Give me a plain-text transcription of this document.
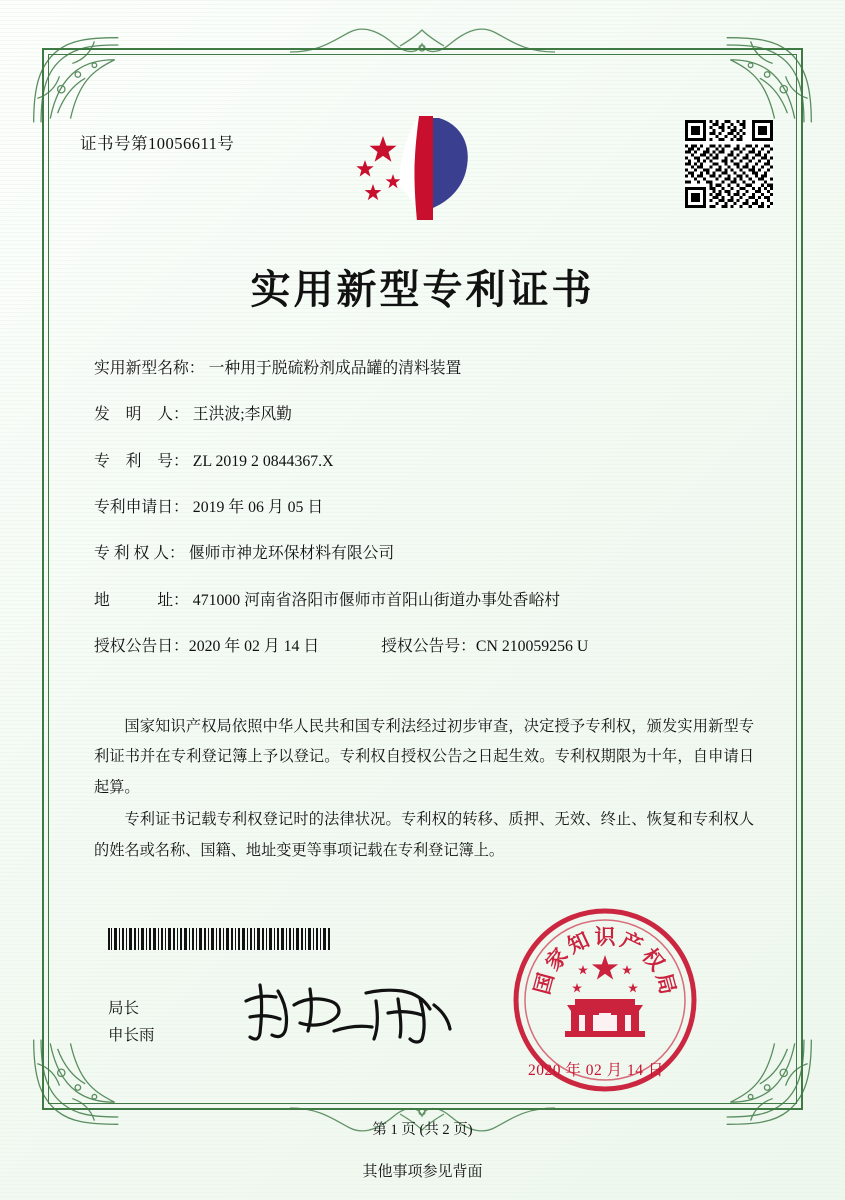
证书号第10056611号
实用新型专利证书
实用新型名称： 一种用于脱硫粉剂成品罐的清料装置
发　明　人： 王洪波;李风勤
专　利　号： ZL 2019 2 0844367.X
专利申请日： 2019 年 06 月 05 日
专 利 权 人： 偃师市神龙环保材料有限公司
地　　　址： 471000 河南省洛阳市偃师市首阳山街道办事处香峪村
授权公告日： 2020 年 02 月 14 日	授权公告号： CN 210059256 U

国家知识产权局依照中华人民共和国专利法经过初步审查，决定授予专利权，颁发实用新型专利证书并在专利登记簿上予以登记。专利权自授权公告之日起生效。专利权期限为十年，自申请日起算。

专利证书记载专利权登记时的法律状况。专利权的转移、质押、无效、终止、恢复和专利权人的姓名或名称、国籍、地址变更等事项记载在专利登记簿上。

局长
申长雨
国
家
知 识 产
权
局
2020 年 02 月 14 日
第 1 页 (共 2 页)
其他事项参见背面
